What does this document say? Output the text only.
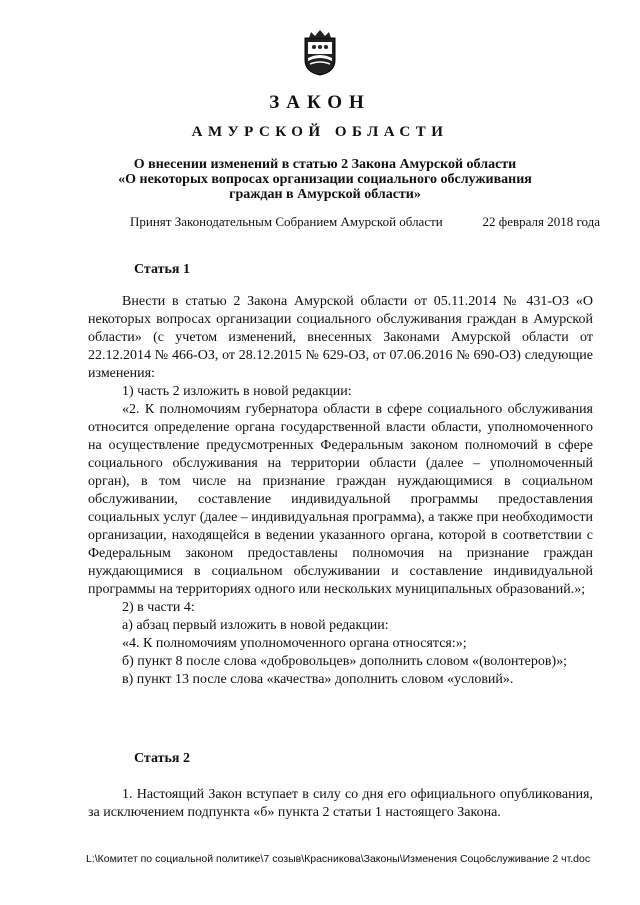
ЗАКОН
АМУРСКОЙ ОБЛАСТИ
О внесении изменений в статью 2 Закона Амурской области
«О некоторых вопросах организации социального обслуживания
граждан в Амурской области»
Принят Законодательным Собранием Амурской области	22 февраля 2018 года
Статья 1

Внести в статью 2 Закона Амурской области от 05.11.2014 № 431-ОЗ «О некоторых вопросах организации социального обслуживания граждан в Амурской области» (с учетом изменений, внесенных Законами Амурской области от 22.12.2014 № 466-ОЗ, от 28.12.2015 № 629-ОЗ, от 07.06.2016 № 690-ОЗ) следующие изменения:

1) часть 2 изложить в новой редакции:

«2. К полномочиям губернатора области в сфере социального обслуживания относится определение органа государственной власти области, уполномоченного на осуществление предусмотренных Федеральным законом полномочий в сфере социального обслуживания на территории области (далее – уполномоченный орган), в том числе на признание граждан нуждающимися в социальном обслуживании, составление индивидуальной программы предоставления социальных услуг (далее – индивидуальная программа), а также при необходимости организации, находящейся в ведении указанного органа, которой в соответствии с Федеральным законом предоставлены полномочия на признание граждан нуждающимися в социальном обслуживании и составление индивидуальной программы на территориях одного или нескольких муниципальных образований.»;

2) в части 4:

а) абзац первый изложить в новой редакции:

«4. К полномочиям уполномоченного органа относятся:»;

б) пункт 8 после слова «добровольцев» дополнить словом «(волонтеров)»;

в) пункт 13 после слова «качества» дополнить словом «условий».

Статья 2

1. Настоящий Закон вступает в силу со дня его официального опубликования, за исключением подпункта «б» пункта 2 статьи 1 настоящего Закона.

L:\Комитет по социальной политике\7 созыв\Красникова\Законы\Изменения Соцобслуживание 2 чт.doc
